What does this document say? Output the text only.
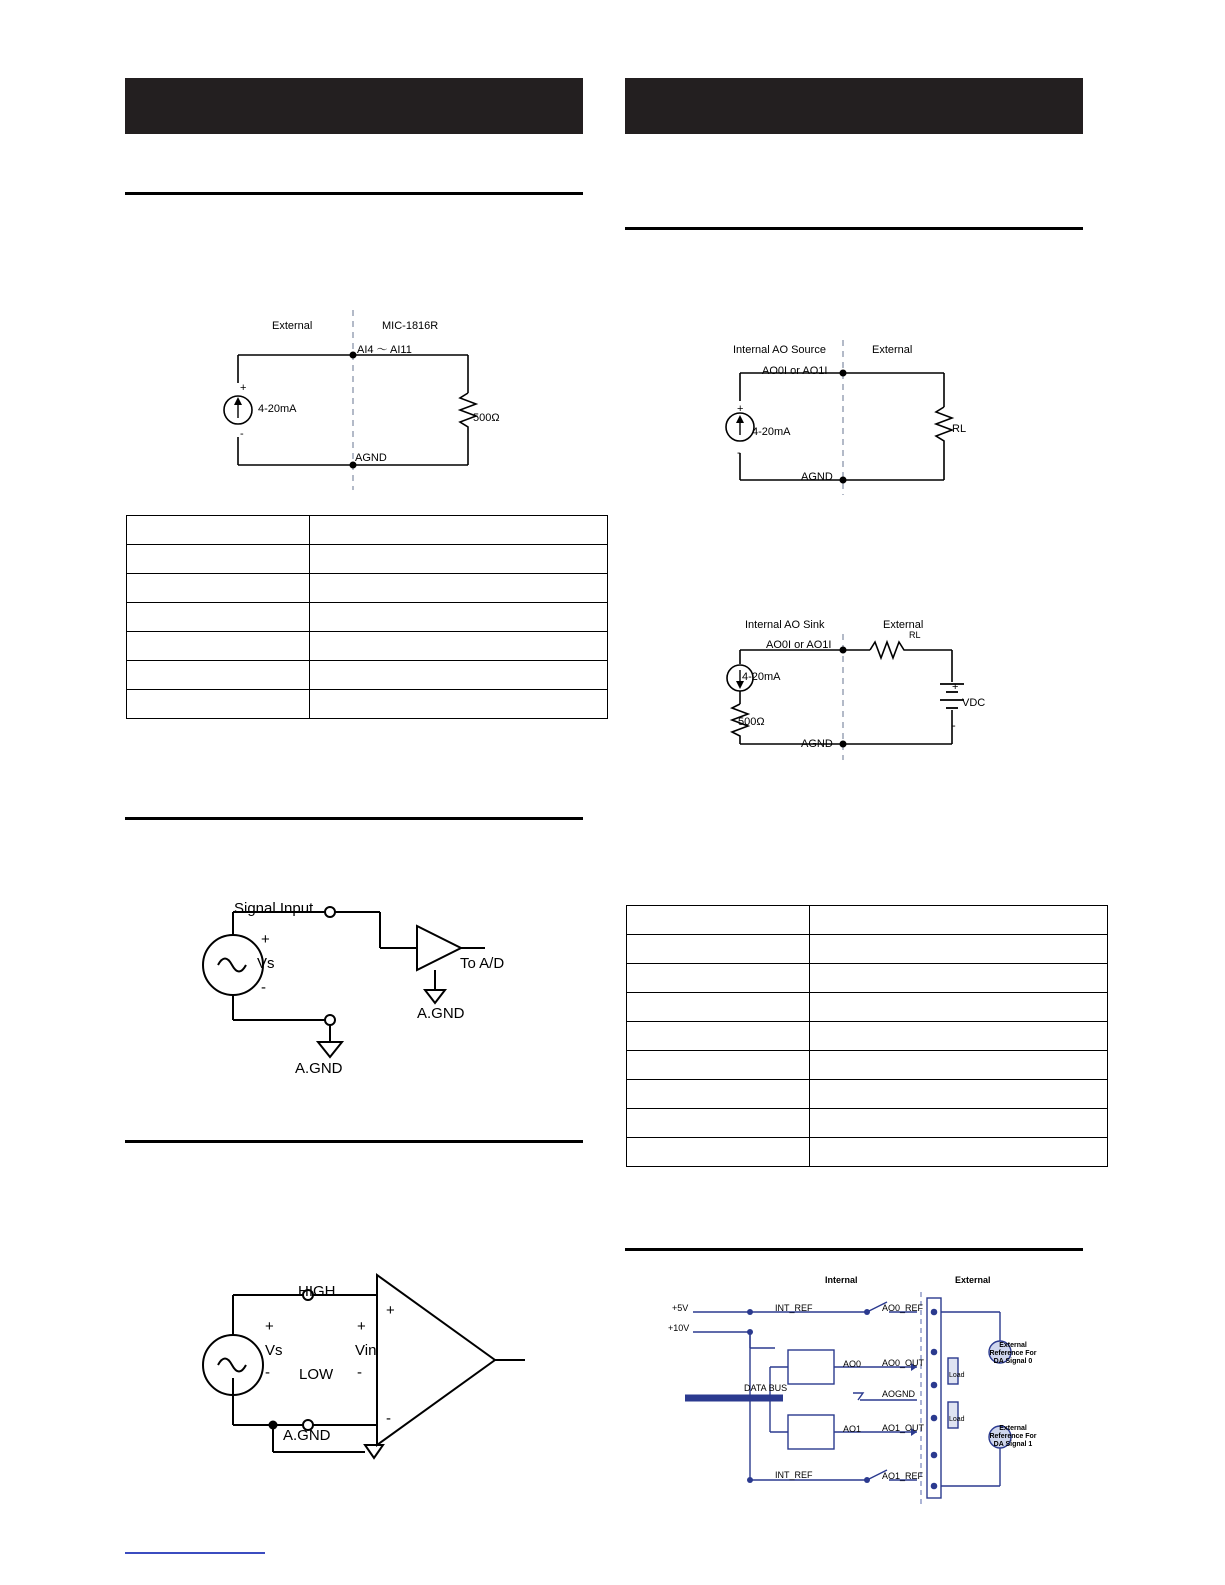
External	MIC-1816R
AI4 ～ AI11
4-20mA
+
-
500Ω
AGND

Signal Input
Vs
+
-
To A/D
A.GND
A.GND
HIGH
LOW
Vs
+
-
Vin
+
-
+
-
A.GND
Internal AO Source	External
AO0I or AO1I
4-20mA
+
-
RL
AGND
Internal AO Sink	External
AO0I or AO1I
RL
4-20mA
500Ω
VDC
+
-
AGND

Internal	External
+5V
+10V
DATA BUS
INT_REF
INT_REF
AO0
AO1
AO0_REF
AO0_OUT
AOGND
AO1_OUT
AO1_REF
Load
Load
External Reference For DA Signal 0
External Reference For DA Signal 1
